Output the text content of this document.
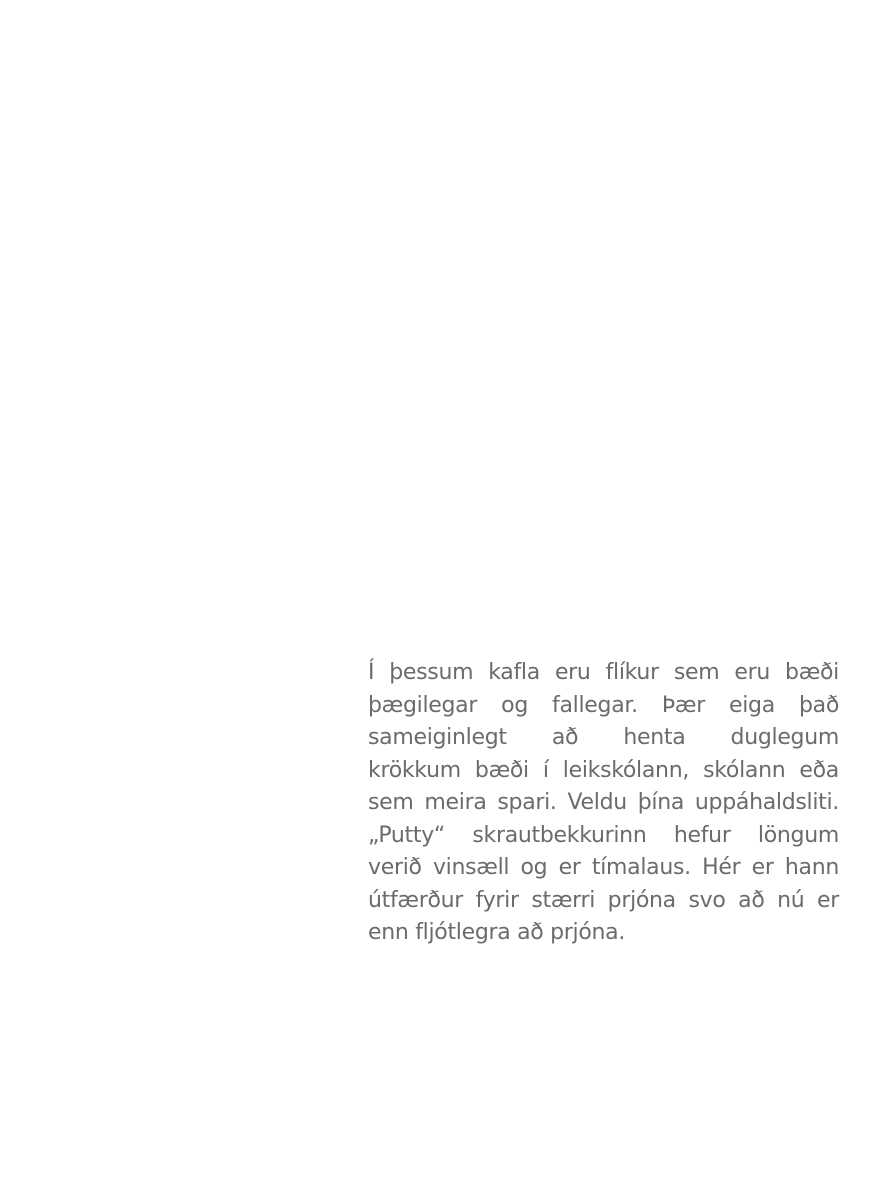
Í þessum kafla eru flíkur sem eru bæði
þægilegar og fallegar. Þær eiga það
sameiginlegt að henta duglegum
krökkum bæði í leikskólann, skólann eða
sem meira spari. Veldu þína uppáhaldsliti.
„Putty“ skrautbekkurinn hefur löngum
verið vinsæll og er tímalaus. Hér er hann
útfærður fyrir stærri prjóna svo að nú er
enn fljótlegra að prjóna.
